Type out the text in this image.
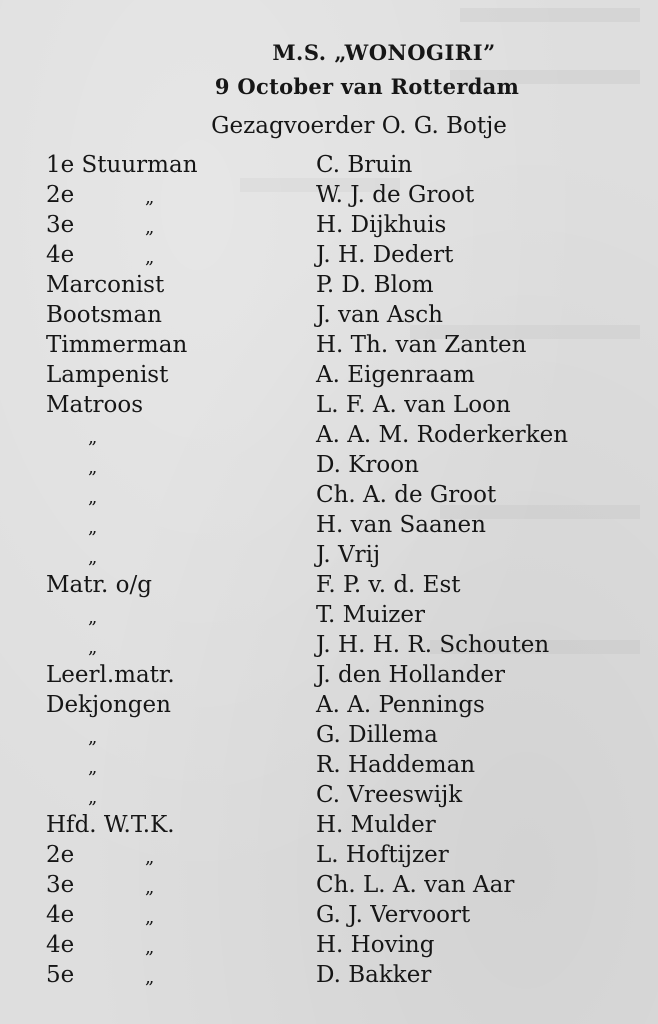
M.S. „WONOGIRI”
9 October van Rotterdam
Gezagvoerder O. G. Botje
1e Stuurman	C. Bruin
2e	„	W. J. de Groot
3e	„	H. Dijkhuis
4e	„	J. H. Dedert
Marconist	P. D. Blom
Bootsman	J. van Asch
Timmerman	H. Th. van Zanten
Lampenist	A. Eigenraam
Matroos	L. F. A. van Loon
„	A. A. M. Roderkerken
„	D. Kroon
„	Ch. A. de Groot
„	H. van Saanen
„	J. Vrij
Matr. o/g	F. P. v. d. Est
„	T. Muizer
„	J. H. H. R. Schouten
Leerl.matr.	J. den Hollander
Dekjongen	A. A. Pennings
„	G. Dillema
„	R. Haddeman
„	C. Vreeswijk
Hfd. W.T.K.	H. Mulder
2e	„	L. Hoftijzer
3e	„	Ch. L. A. van Aar
4e	„	G. J. Vervoort
4e	„	H. Hoving
5e	„	D. Bakker
